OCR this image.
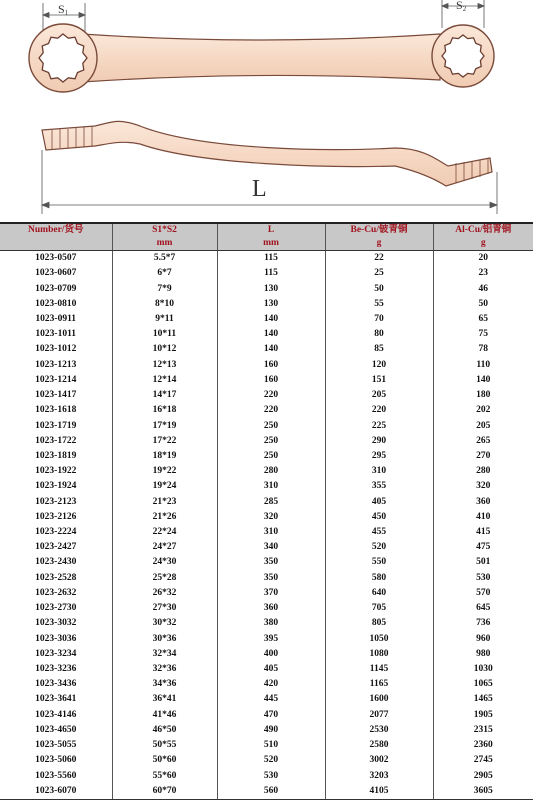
S1
S2
L
Number/货号	S1*S2	L	Be-Cu/铍青铜	Al-Cu/铝青铜
	mm	mm	g	g
1023-0507	5.5*7	115	22	20
1023-0607	6*7	115	25	23
1023-0709	7*9	130	50	46
1023-0810	8*10	130	55	50
1023-0911	9*11	140	70	65
1023-1011	10*11	140	80	75
1023-1012	10*12	140	85	78
1023-1213	12*13	160	120	110
1023-1214	12*14	160	151	140
1023-1417	14*17	220	205	180
1023-1618	16*18	220	220	202
1023-1719	17*19	250	225	205
1023-1722	17*22	250	290	265
1023-1819	18*19	250	295	270
1023-1922	19*22	280	310	280
1023-1924	19*24	310	355	320
1023-2123	21*23	285	405	360
1023-2126	21*26	320	450	410
1023-2224	22*24	310	455	415
1023-2427	24*27	340	520	475
1023-2430	24*30	350	550	501
1023-2528	25*28	350	580	530
1023-2632	26*32	370	640	570
1023-2730	27*30	360	705	645
1023-3032	30*32	380	805	736
1023-3036	30*36	395	1050	960
1023-3234	32*34	400	1080	980
1023-3236	32*36	405	1145	1030
1023-3436	34*36	420	1165	1065
1023-3641	36*41	445	1600	1465
1023-4146	41*46	470	2077	1905
1023-4650	46*50	490	2530	2315
1023-5055	50*55	510	2580	2360
1023-5060	50*60	520	3002	2745
1023-5560	55*60	530	3203	2905
1023-6070	60*70	560	4105	3605
